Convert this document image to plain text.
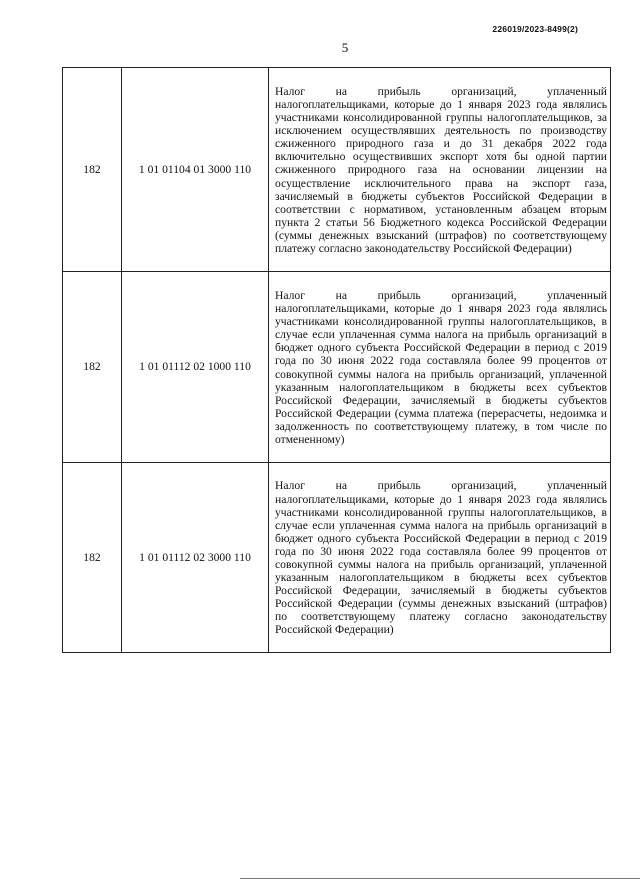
226019/2023-8499(2)
5
182	1 01 01104 01 3000 110	Налог на прибыль организаций, уплаченный налогоплательщиками, которые до 1 января 2023 года являлись участниками консолидированной группы налогоплательщиков, за исключением осуществлявших деятельность по производству сжиженного природного газа и до 31 декабря 2022 года включительно осуществивших экспорт хотя бы одной партии сжиженного природного газа на основании лицензии на осуществление исключительного права на экспорт газа, зачисляемый в бюджеты субъектов Российской Федерации в соответствии с нормативом, установленным абзацем вторым пункта 2 статьи 56 Бюджетного кодекса Российской Федерации (суммы денежных взысканий (штрафов) по соответствующему платежу согласно законодательству Российской Федерации)
182	1 01 01112 02 1000 110	Налог на прибыль организаций, уплаченный налогоплательщиками, которые до 1 января 2023 года являлись участниками консолидированной группы налогоплательщиков, в случае если уплаченная сумма налога на прибыль организаций в бюджет одного субъекта Российской Федерации в период с 2019 года по 30 июня 2022 года составляла более 99 процентов от совокупной суммы налога на прибыль организаций, уплаченной указанным налогоплательщиком в бюджеты всех субъектов Российской Федерации, зачисляемый в бюджеты субъектов Российской Федерации (сумма платежа (перерасчеты, недоимка и задолженность по соответствующему платежу, в том числе по отмененному)
182	1 01 01112 02 3000 110	Налог на прибыль организаций, уплаченный налогоплательщиками, которые до 1 января 2023 года являлись участниками консолидированной группы налогоплательщиков, в случае если уплаченная сумма налога на прибыль организаций в бюджет одного субъекта Российской Федерации в период с 2019 года по 30 июня 2022 года составляла более 99 процентов от совокупной суммы налога на прибыль организаций, уплаченной указанным налогоплательщиком в бюджеты всех субъектов Российской Федерации, зачисляемый в бюджеты субъектов Российской Федерации (суммы денежных взысканий (штрафов) по соответствующему платежу согласно законодательству Российской Федерации)
